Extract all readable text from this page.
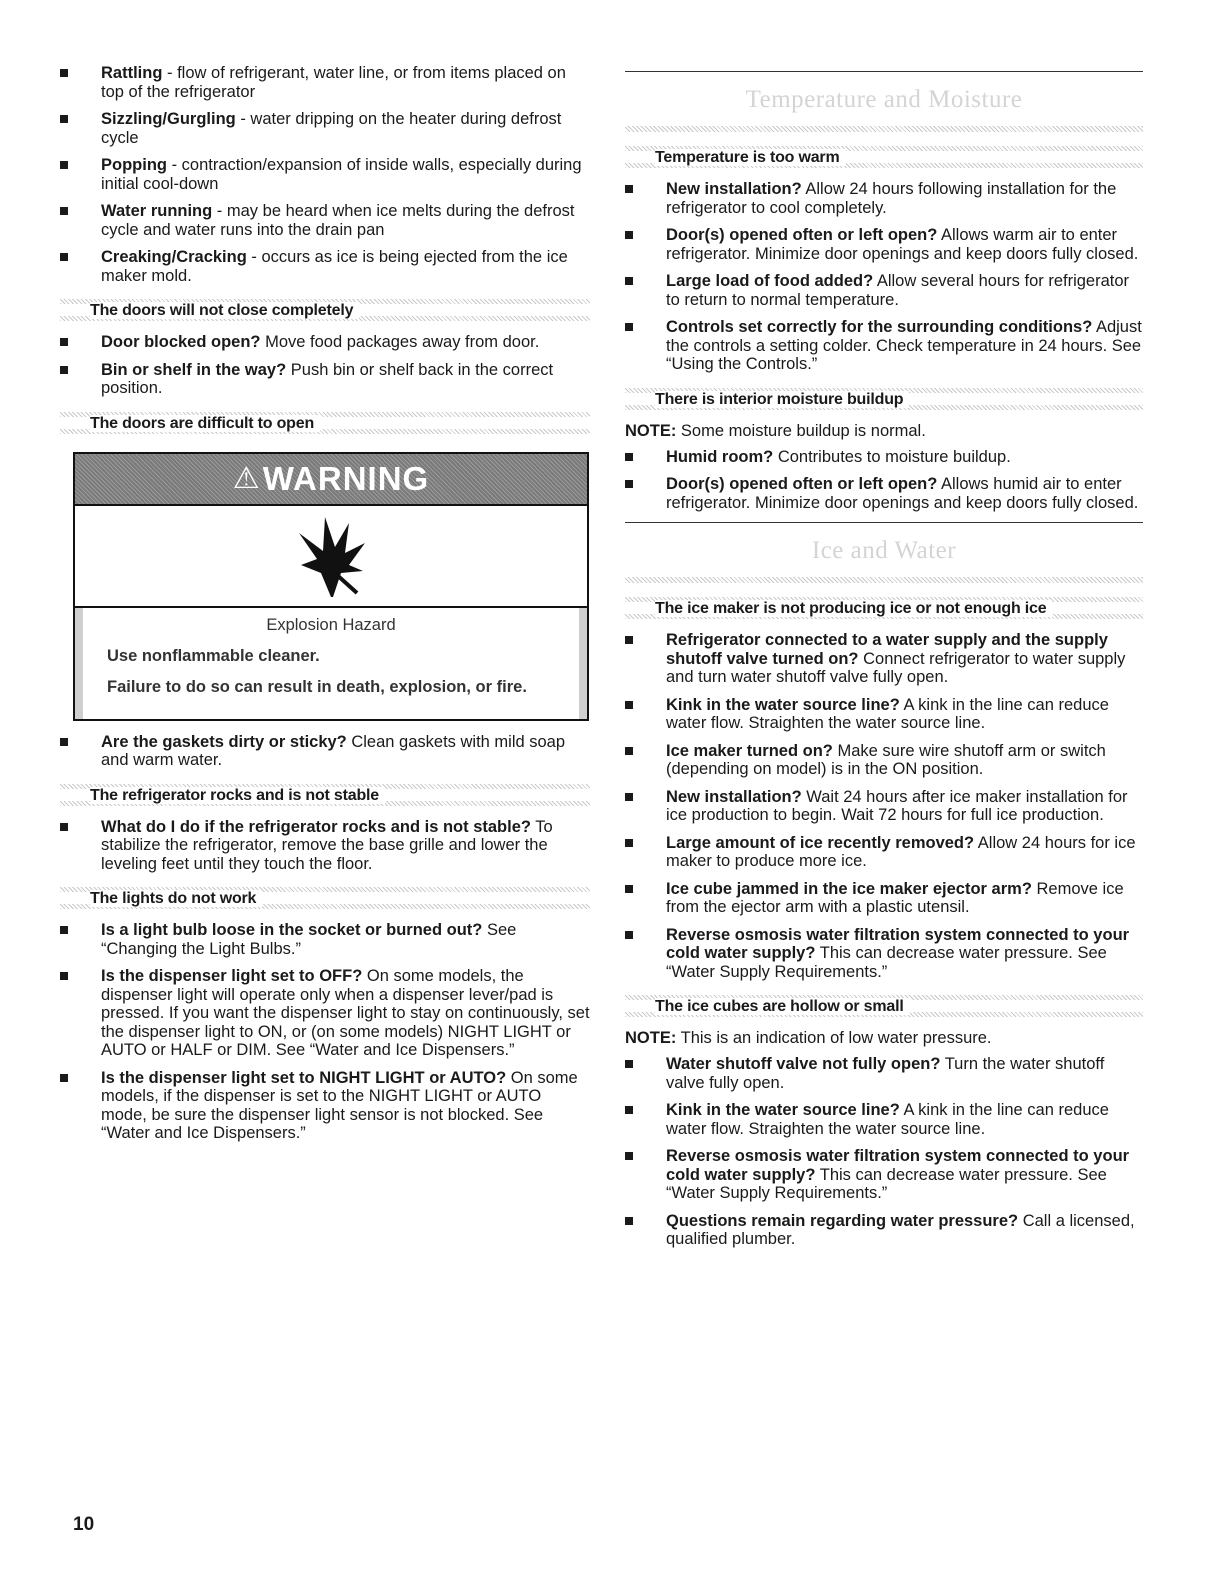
Rattling - flow of refrigerant, water line, or from items placed on top of the refrigerator
Sizzling/Gurgling - water dripping on the heater during defrost cycle
Popping - contraction/expansion of inside walls, especially during initial cool-down
Water running - may be heard when ice melts during the defrost cycle and water runs into the drain pan
Creaking/Cracking - occurs as ice is being ejected from the ice maker mold.
The doors will not close completely
Door blocked open? Move food packages away from door.
Bin or shelf in the way? Push bin or shelf back in the correct position.
The doors are difficult to open
⚠ WARNING
Explosion Hazard

Use nonflammable cleaner.

Failure to do so can result in death, explosion, or fire.

Are the gaskets dirty or sticky? Clean gaskets with mild soap and warm water.
The refrigerator rocks and is not stable
What do I do if the refrigerator rocks and is not stable? To stabilize the refrigerator, remove the base grille and lower the leveling feet until they touch the floor.
The lights do not work
Is a light bulb loose in the socket or burned out? See “Changing the Light Bulbs.”
Is the dispenser light set to OFF? On some models, the dispenser light will operate only when a dispenser lever/pad is pressed. If you want the dispenser light to stay on continuously, set the dispenser light to ON, or (on some models) NIGHT LIGHT or AUTO or HALF or DIM. See “Water and Ice Dispensers.”
Is the dispenser light set to NIGHT LIGHT or AUTO? On some models, if the dispenser is set to the NIGHT LIGHT or AUTO mode, be sure the dispenser light sensor is not blocked. See “Water and Ice Dispensers.”
Temperature and Moisture
Temperature is too warm
New installation? Allow 24 hours following installation for the refrigerator to cool completely.
Door(s) opened often or left open? Allows warm air to enter refrigerator. Minimize door openings and keep doors fully closed.
Large load of food added? Allow several hours for refrigerator to return to normal temperature.
Controls set correctly for the surrounding conditions? Adjust the controls a setting colder. Check temperature in 24 hours. See “Using the Controls.”
There is interior moisture buildup

NOTE: Some moisture buildup is normal.

Humid room? Contributes to moisture buildup.
Door(s) opened often or left open? Allows humid air to enter refrigerator. Minimize door openings and keep doors fully closed.
Ice and Water
The ice maker is not producing ice or not enough ice
Refrigerator connected to a water supply and the supply shutoff valve turned on? Connect refrigerator to water supply and turn water shutoff valve fully open.
Kink in the water source line? A kink in the line can reduce water flow. Straighten the water source line.
Ice maker turned on? Make sure wire shutoff arm or switch (depending on model) is in the ON position.
New installation? Wait 24 hours after ice maker installation for ice production to begin. Wait 72 hours for full ice production.
Large amount of ice recently removed? Allow 24 hours for ice maker to produce more ice.
Ice cube jammed in the ice maker ejector arm? Remove ice from the ejector arm with a plastic utensil.
Reverse osmosis water filtration system connected to your cold water supply? This can decrease water pressure. See “Water Supply Requirements.”
The ice cubes are hollow or small

NOTE: This is an indication of low water pressure.

Water shutoff valve not fully open? Turn the water shutoff valve fully open.
Kink in the water source line? A kink in the line can reduce water flow. Straighten the water source line.
Reverse osmosis water filtration system connected to your cold water supply? This can decrease water pressure. See “Water Supply Requirements.”
Questions remain regarding water pressure? Call a licensed, qualified plumber.
10
